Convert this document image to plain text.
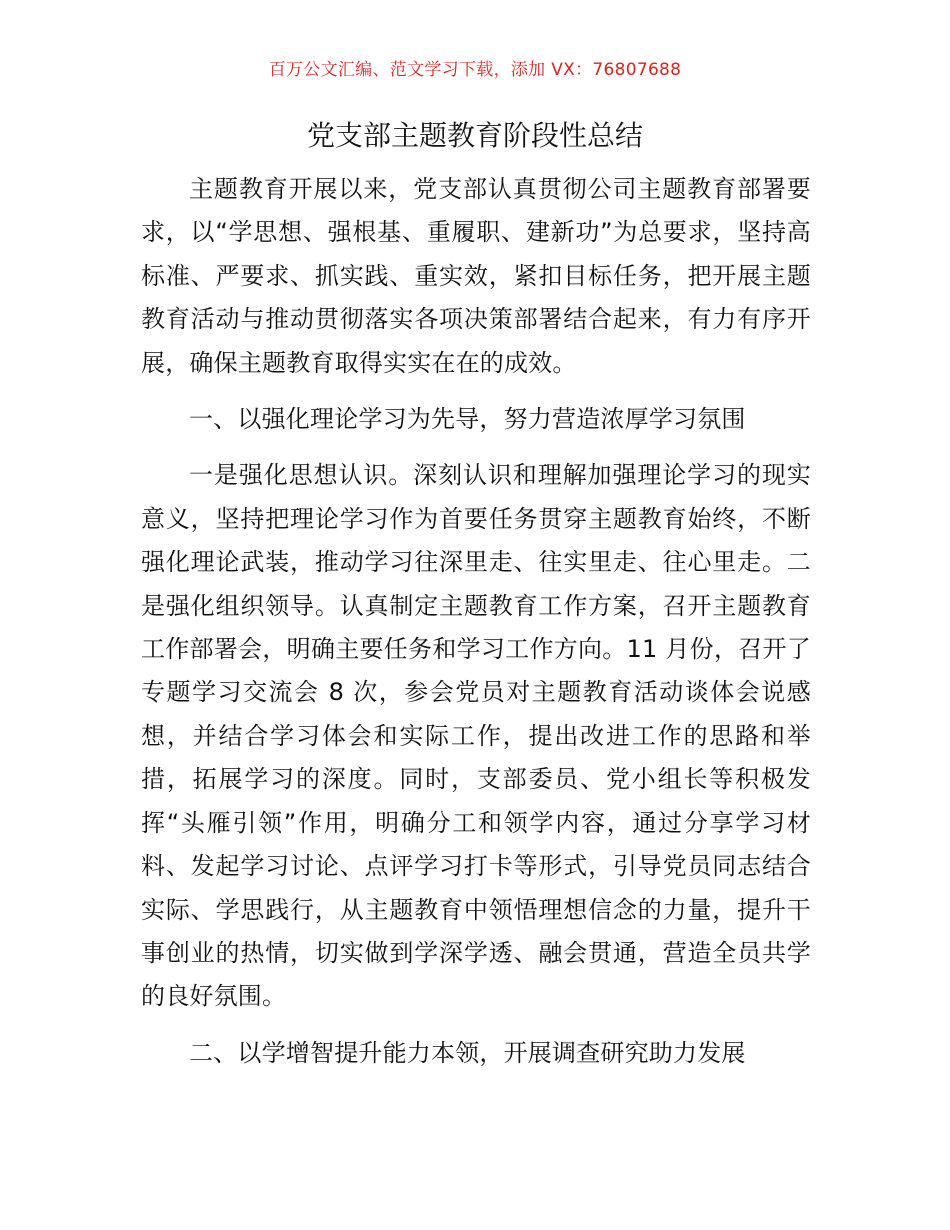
百万公文汇编、范文学习下载，添加 VX：76807688
党支部主题教育阶段性总结

主题教育开展以来，党支部认真贯彻公司主题教育部署要求，以“学思想、强根基、重履职、建新功”为总要求，坚持高标准、严要求、抓实践、重实效，紧扣目标任务，把开展主题教育活动与推动贯彻落实各项决策部署结合起来，有力有序开展，确保主题教育取得实实在在的成效。

一、以强化理论学习为先导，努力营造浓厚学习氛围

一是强化思想认识。深刻认识和理解加强理论学习的现实意义，坚持把理论学习作为首要任务贯穿主题教育始终，不断强化理论武装，推动学习往深里走、往实里走、往心里走。二是强化组织领导。认真制定主题教育工作方案，召开主题教育工作部署会，明确主要任务和学习工作方向。11 月份，召开了专题学习交流会 8 次，参会党员对主题教育活动谈体会说感想，并结合学习体会和实际工作，提出改进工作的思路和举措，拓展学习的深度。同时，支部委员、党小组长等积极发挥“头雁引领”作用，明确分工和领学内容，通过分享学习材料、发起学习讨论、点评学习打卡等形式，引导党员同志结合实际、学思践行，从主题教育中领悟理想信念的力量，提升干事创业的热情，切实做到学深学透、融会贯通，营造全员共学的良好氛围。

二、以学增智提升能力本领，开展调查研究助力发展
